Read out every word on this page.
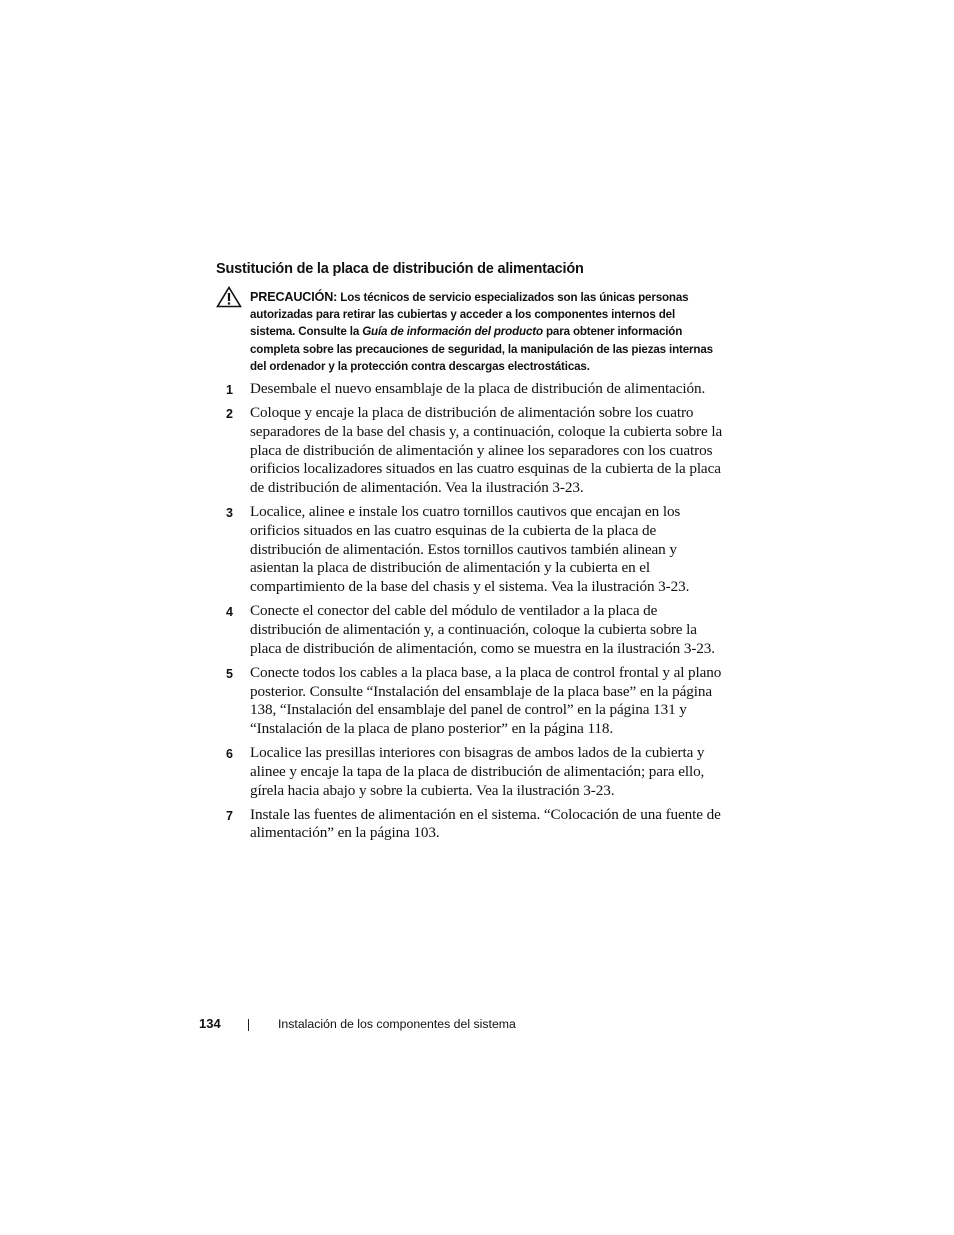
Sustitución de la placa de distribución de alimentación
PRECAUCIÓN: Los técnicos de servicio especializados son las únicas personas autorizadas para retirar las cubiertas y acceder a los componentes internos del sistema. Consulte la Guía de información del producto para obtener información completa sobre las precauciones de seguridad, la manipulación de las piezas internas del ordenador y la protección contra descargas electrostáticas.
1 Desembale el nuevo ensamblaje de la placa de distribución de alimentación.
2 Coloque y encaje la placa de distribución de alimentación sobre los cuatro separadores de la base del chasis y, a continuación, coloque la cubierta sobre la placa de distribución de alimentación y alinee los separadores con los cuatros orificios localizadores situados en las cuatro esquinas de la cubierta de la placa de distribución de alimentación. Vea la ilustración 3-23.
3 Localice, alinee e instale los cuatro tornillos cautivos que encajan en los orificios situados en las cuatro esquinas de la cubierta de la placa de distribución de alimentación. Estos tornillos cautivos también alinean y asientan la placa de distribución de alimentación y la cubierta en el compartimiento de la base del chasis y el sistema. Vea la ilustración 3-23.
4 Conecte el conector del cable del módulo de ventilador a la placa de distribución de alimentación y, a continuación, coloque la cubierta sobre la placa de distribución de alimentación, como se muestra en la ilustración 3-23.
5 Conecte todos los cables a la placa base, a la placa de control frontal y al plano posterior. Consulte “Instalación del ensamblaje de la placa base” en la página 138, “Instalación del ensamblaje del panel de control” en la página 131 y “Instalación de la placa de plano posterior” en la página 118.
6 Localice las presillas interiores con bisagras de ambos lados de la cubierta y alinee y encaje la tapa de la placa de distribución de alimentación; para ello, gírela hacia abajo y sobre la cubierta. Vea la ilustración 3-23.
7 Instale las fuentes de alimentación en el sistema. “Colocación de una fuente de alimentación” en la página 103.
134	Instalación de los componentes del sistema
